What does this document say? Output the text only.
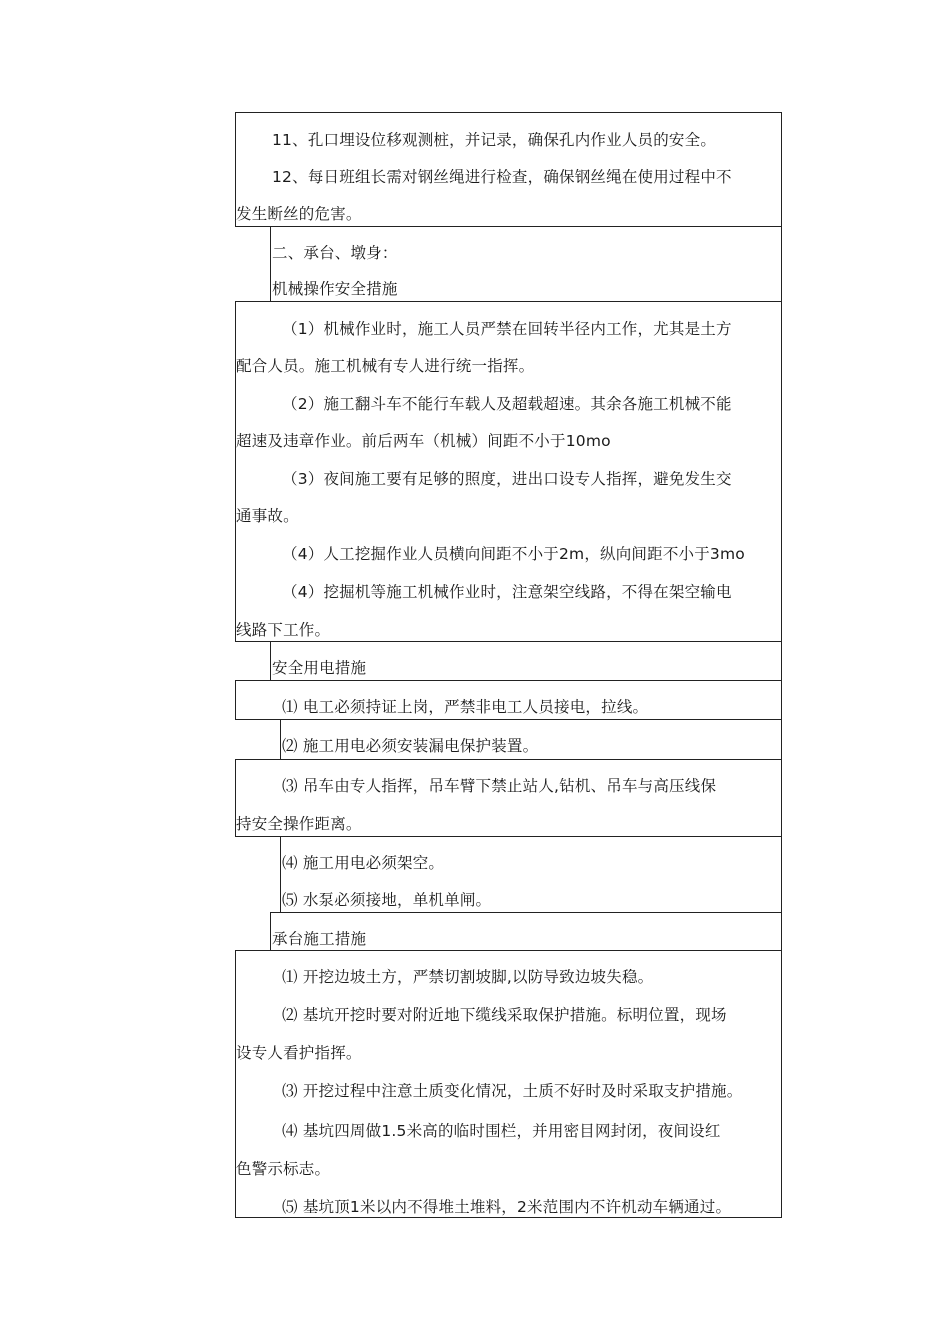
11、孔口埋设位移观测桩，并记录，确保孔内作业人员的安全。
12、每日班组长需对钢丝绳进行检查，确保钢丝绳在使用过程中不
发生断丝的危害。
二、承台、墩身：
机械操作安全措施
（1）机械作业时，施工人员严禁在回转半径内工作，尤其是土方
配合人员。施工机械有专人进行统一指挥。
（2）施工翻斗车不能行车载人及超载超速。其余各施工机械不能
超速及违章作业。前后两车（机械）间距不小于10mo
（3）夜间施工要有足够的照度，进出口设专人指挥，避免发生交
通事故。
（4）人工挖掘作业人员横向间距不小于2m，纵向间距不小于3mo
（4）挖掘机等施工机械作业时，注意架空线路，不得在架空输电
线路下工作。
安全用电措施
⑴ 电工必须持证上岗，严禁非电工人员接电，拉线。
⑵ 施工用电必须安装漏电保护装置。
⑶ 吊车由专人指挥，吊车臂下禁止站人,钻机、吊车与高压线保
持安全操作距离。
⑷ 施工用电必须架空。
⑸ 水泵必须接地，单机单闸。
承台施工措施
⑴ 开挖边坡土方，严禁切割坡脚,以防导致边坡失稳。
⑵ 基坑开挖时要对附近地下缆线采取保护措施。标明位置，现场
设专人看护指挥。
⑶ 开挖过程中注意土质变化情况，土质不好时及时采取支护措施。
⑷ 基坑四周做1.5米高的临时围栏，并用密目网封闭，夜间设红
色警示标志。
⑸ 基坑顶1米以内不得堆土堆料，2米范围内不许机动车辆通过。
